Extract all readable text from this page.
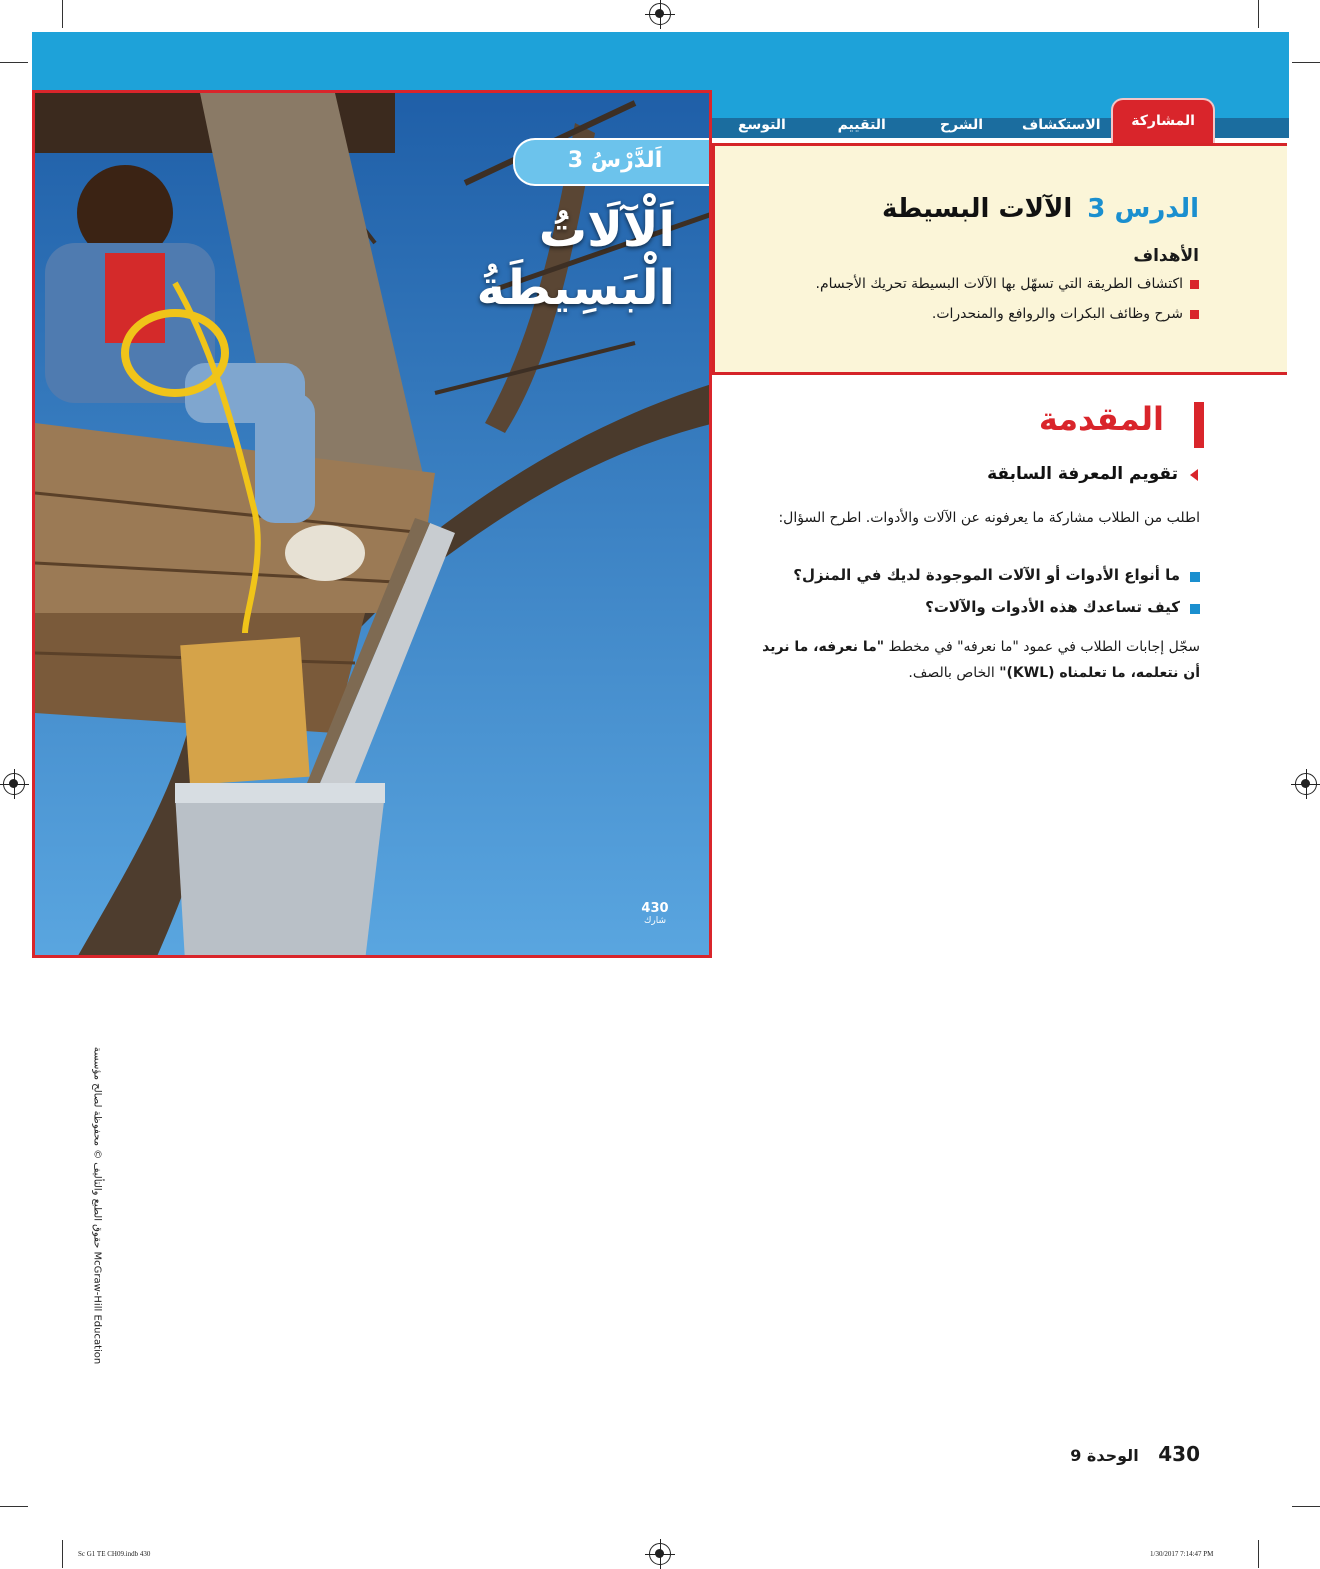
المشاركة
الاستكشاف
الشرح
التقييم
التوسع
الدرس 3 الآلات البسيطة
الأهداف
اكتشاف الطريقة التي تسهّل بها الآلات البسيطة تحريك الأجسام.
شرح وظائف البكرات والروافع والمنحدرات.
اَلدَّرْسُ 3
اَلْآلَاتُ
الْبَسِيطَةُ
430
شارك
المقدمة
تقويم المعرفة السابقة
اطلب من الطلاب مشاركة ما يعرفونه عن الآلات والأدوات. اطرح السؤال:
ما أنواع الأدوات أو الآلات الموجودة لديك في المنزل؟
كيف تساعدك هذه الأدوات والآلات؟
سجّل إجابات الطلاب في عمود "ما نعرفه" في مخطط "ما نعرفه، ما نريد أن نتعلمه، ما تعلمناه (KWL)" الخاص بالصف.
430 الوحدة 9
حقوق الطبع والتأليف © محفوظة لصالح مؤسسة McGraw-Hill Education
Sc G1 TE CH09.indb 430	1/30/2017 7:14:47 PM
